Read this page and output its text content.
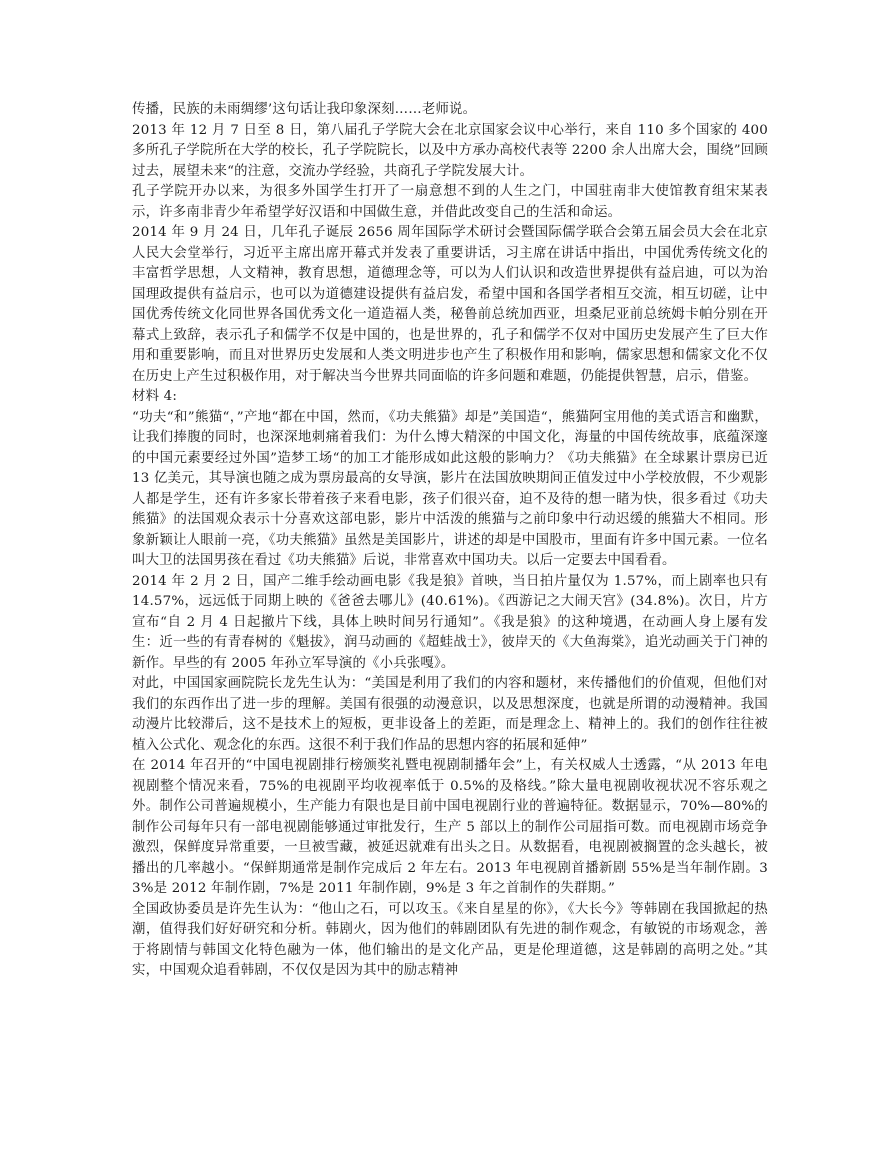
传播，民族的未雨绸缪’这句话让我印象深刻……老师说。

2013 年 12 月 7 日至 8 日，第八届孔子学院大会在北京国家会议中心举行，来自 110 多个国家的 400 多所孔子学院所在大学的校长，孔子学院院长，以及中方承办高校代表等 2200 余人出席大会，围绕”回顾过去，展望未来“的注意，交流办学经验，共商孔子学院发展大计。

孔子学院开办以来，为很多外国学生打开了一扇意想不到的人生之门，中国驻南非大使馆教育组宋某表示，许多南非青少年希望学好汉语和中国做生意，并借此改变自己的生活和命运。

2014 年 9 月 24 日，几年孔子诞辰 2656 周年国际学术研讨会暨国际儒学联合会第五届会员大会在北京人民大会堂举行，习近平主席出席开幕式并发表了重要讲话，习主席在讲话中指出，中国优秀传统文化的丰富哲学思想，人文精神，教育思想，道德理念等，可以为人们认识和改造世界提供有益启迪，可以为治国理政提供有益启示，也可以为道德建设提供有益启发，希望中国和各国学者相互交流，相互切磋，让中国优秀传统文化同世界各国优秀文化一道造福人类，秘鲁前总统加西亚，坦桑尼亚前总统姆卡帕分别在开幕式上致辞，表示孔子和儒学不仅是中国的，也是世界的，孔子和儒学不仅对中国历史发展产生了巨大作用和重要影响，而且对世界历史发展和人类文明进步也产生了积极作用和影响，儒家思想和儒家文化不仅在历史上产生过积极作用，对于解决当今世界共同面临的许多问题和难题，仍能提供智慧，启示，借鉴。

材料 4:

“功夫“和”熊猫“，”产地“都在中国，然而，《功夫熊猫》却是”美国造“，熊猫阿宝用他的美式语言和幽默，让我们捧腹的同时，也深深地刺痛着我们：为什么博大精深的中国文化，海量的中国传统故事，底蕴深邃的中国元素要经过外国”造梦工场“的加工才能形成如此这般的影响力？《功夫熊猫》在全球累计票房已近 13 亿美元，其导演也随之成为票房最高的女导演，影片在法国放映期间正值发过中小学校放假，不少观影人都是学生，还有许多家长带着孩子来看电影，孩子们很兴奋，迫不及待的想一睹为快，很多看过《功夫熊猫》的法国观众表示十分喜欢这部电影，影片中活泼的熊猫与之前印象中行动迟缓的熊猫大不相同。形象新颖让人眼前一亮，《功夫熊猫》虽然是美国影片，讲述的却是中国股市，里面有许多中国元素。一位名叫大卫的法国男孩在看过《功夫熊猫》后说，非常喜欢中国功夫。以后一定要去中国看看。

2014 年 2 月 2 日，国产二维手绘动画电影《我是狼》首映，当日拍片量仅为 1.57%，而上剧率也只有 14.57%，远远低于同期上映的《爸爸去哪儿》(40.61%)。《西游记之大闹天宫》(34.8%)。次日，片方宣布“自 2 月 4 日起撤片下线，具体上映时间另行通知”。《我是狼》的这种境遇，在动画人身上屡有发生：近一些的有青春树的《魁拔》，润马动画的《超蛙战士》，彼岸天的《大鱼海棠》，追光动画关于门神的新作。早些的有 2005 年孙立军导演的《小兵张嘎》。

对此，中国国家画院院长龙先生认为：“美国是利用了我们的内容和题材，来传播他们的价值观，但他们对我们的东西作出了进一步的理解。美国有很强的动漫意识，以及思想深度，也就是所谓的动漫精神。我国动漫片比较滞后，这不是技术上的短板，更非设备上的差距，而是理念上、精神上的。我们的创作往往被植入公式化、观念化的东西。这很不利于我们作品的思想内容的拓展和延伸”

在 2014 年召开的“中国电视剧排行榜颁奖礼暨电视剧制播年会”上，有关权威人士透露，“从 2013 年电视剧整个情况来看，75%的电视剧平均收视率低于 0.5%的及格线。”除大量电视剧收视状况不容乐观之外。制作公司普遍规模小，生产能力有限也是目前中国电视剧行业的普遍特征。数据显示，70%—80%的制作公司每年只有一部电视剧能够通过审批发行，生产 5 部以上的制作公司屈指可数。而电视剧市场竞争激烈，保鲜度异常重要，一旦被雪藏，被延迟就难有出头之日。从数据看，电视剧被搁置的念头越长，被播出的几率越小。“保鲜期通常是制作完成后 2 年左右。2013 年电视剧首播新剧 55%是当年制作剧。33%是 2012 年制作剧，7%是 2011 年制作剧，9%是 3 年之首制作的失群期。”

全国政协委员是许先生认为：“他山之石，可以攻玉。《来自星星的你》，《大长今》等韩剧在我国掀起的热潮，值得我们好好研究和分析。韩剧火，因为他们的韩剧团队有先进的制作观念，有敏锐的市场观念，善于将剧情与韩国文化特色融为一体，他们输出的是文化产品，更是伦理道德，这是韩剧的高明之处。”其实，中国观众追看韩剧，不仅仅是因为其中的励志精神
